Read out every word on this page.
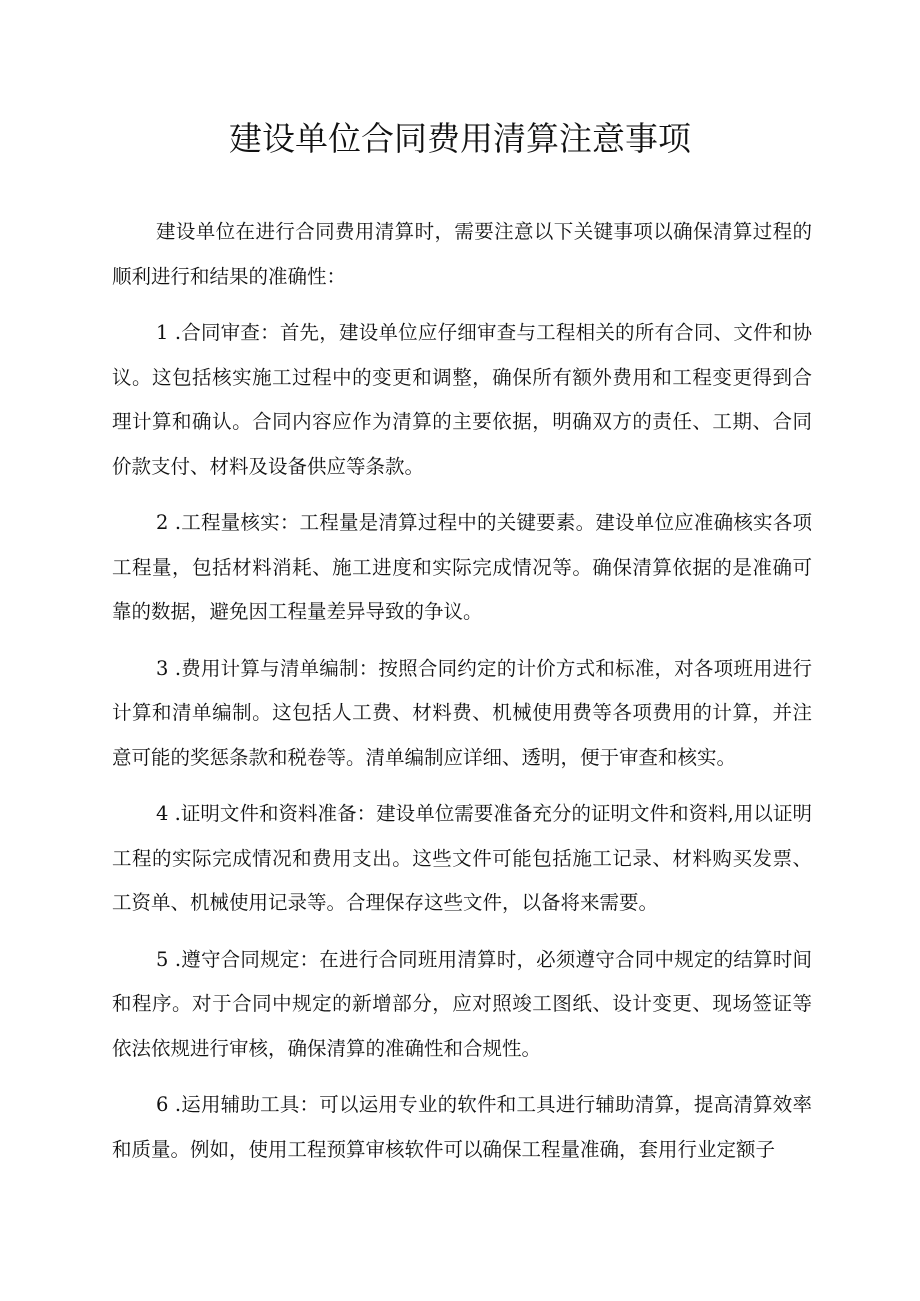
建设单位合同费用清算注意事项

建设单位在进行合同费用清算时，需要注意以下关键事项以确保清算过程的顺利进行和结果的准确性：

1 .合同审查：首先，建设单位应仔细审查与工程相关的所有合同、文件和协议。这包括核实施工过程中的变更和调整，确保所有额外费用和工程变更得到合理计算和确认。合同内容应作为清算的主要依据，明确双方的责任、工期、合同价款支付、材料及设备供应等条款。

2 .工程量核实：工程量是清算过程中的关键要素。建设单位应准确核实各项工程量，包括材料消耗、施工进度和实际完成情况等。确保清算依据的是准确可靠的数据，避免因工程量差异导致的争议。

3 .费用计算与清单编制：按照合同约定的计价方式和标准，对各项班用进行计算和清单编制。这包括人工费、材料费、机械使用费等各项费用的计算，并注意可能的奖惩条款和税卷等。清单编制应详细、透明，便于审查和核实。

4 .证明文件和资料准备：建设单位需要准备充分的证明文件和资料,用以证明工程的实际完成情况和费用支出。这些文件可能包括施工记录、材料购买发票、工资单、机械使用记录等。合理保存这些文件，以备将来需要。

5 .遵守合同规定：在进行合同班用清算时，必须遵守合同中规定的结算时间和程序。对于合同中规定的新增部分，应对照竣工图纸、设计变更、现场签证等依法依规进行审核，确保清算的准确性和合规性。

6 .运用辅助工具：可以运用专业的软件和工具进行辅助清算，提高清算效率和质量。例如，使用工程预算审核软件可以确保工程量准确，套用行业定额子
